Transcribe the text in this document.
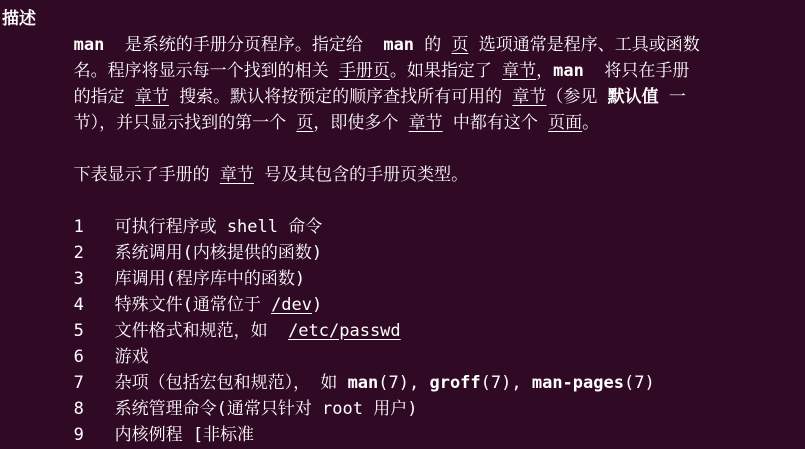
描述
man  是系统的手册分页程序。指定给  man 的 页 选项通常是程序、工具或函数
名。程序将显示每一个找到的相关 手册页。如果指定了 章节，man  将只在手册
的指定 章节 搜索。默认将按预定的顺序查找所有可用的 章节（参见 默认值 一
节），并只显示找到的第一个 页，即使多个 章节 中都有这个 页面。

下表显示了手册的 章节 号及其包含的手册页类型。

1   可执行程序或 shell 命令
2   系统调用(内核提供的函数)
3   库调用(程序库中的函数)
4   特殊文件(通常位于 /dev)
5   文件格式和规范，如  /etc/passwd
6   游戏
7   杂项（包括宏包和规范）， 如 man(7), groff(7), man-pages(7)
8   系统管理命令(通常只针对 root 用户)
9   内核例程 [非标准
